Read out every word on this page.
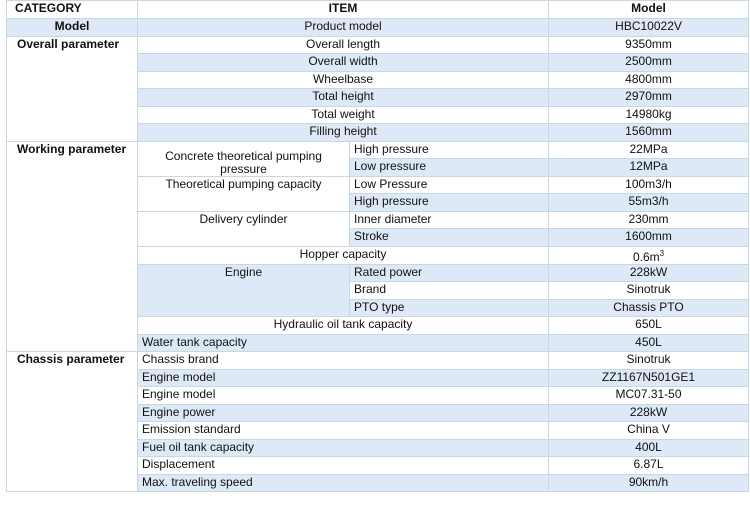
CATEGORY	ITEM		Model
Model	Product model		HBC10022V
Overall parameter	Overall length		9350mm
	Overall width		2500mm
	Wheelbase		4800mm
	Total height		2970mm
	Total weight		14980kg
	Filling height		1560mm
Working parameter	Concrete theoretical pumping pressure	High pressure	22MPa
		Low pressure	12MPa
	Theoretical pumping capacity	Low Pressure	100m3/h
		High pressure	55m3/h
	Delivery cylinder	Inner diameter	230mm
		Stroke	1600mm
	Hopper capacity		$0.6m^3$
	Engine	Rated power	228kW
		Brand	Sinotruk
		PTO type	Chassis PTO
	Hydraulic oil tank capacity		650L
	Water tank capacity		450L
Chassis parameter	Chassis brand		Sinotruk
	Engine model		ZZ1167N501GE1
	Engine model		MC07.31-50
	Engine power		228kW
	Emission standard		China V
	Fuel oil tank capacity		400L
	Displacement		6.87L
	Max. traveling speed		90km/h
